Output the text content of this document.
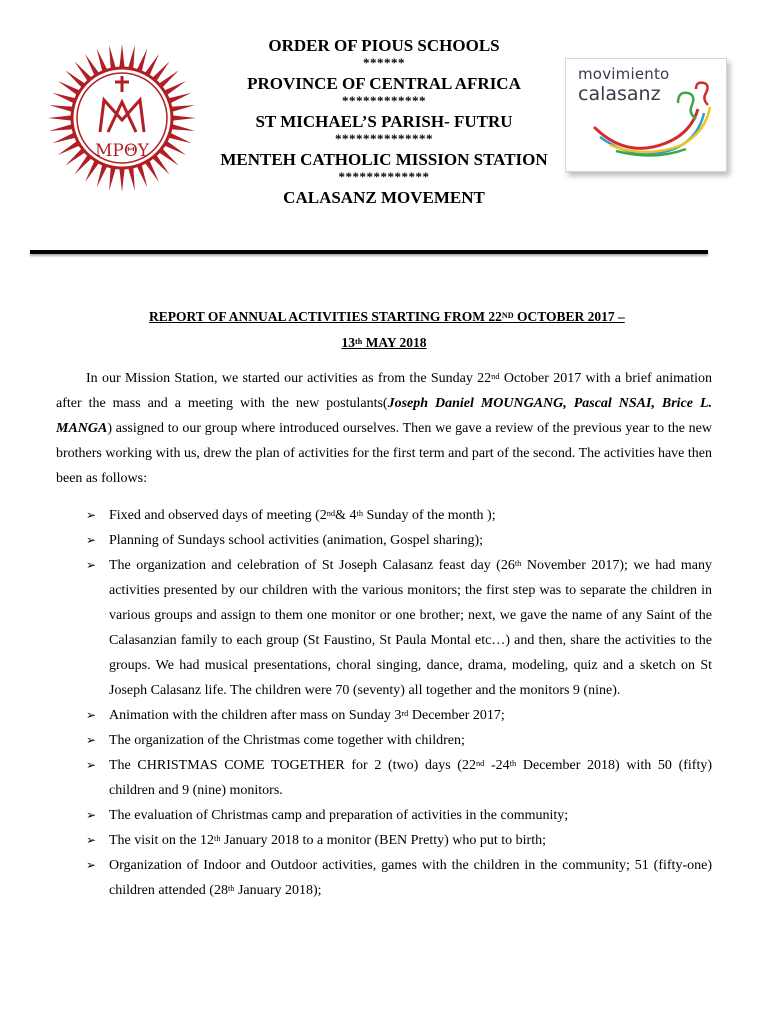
MPΘY
ORDER OF PIOUS SCHOOLS
******
PROVINCE OF CENTRAL AFRICA
************
ST MICHAEL’S PARISH- FUTRU
**************
MENTEH CATHOLIC MISSION STATION
*************
CALASANZ MOVEMENT
movimiento
calasanz
REPORT OF ANNUAL ACTIVITIES STARTING FROM 22ND OCTOBER 2017 –
13th MAY 2018

In our Mission Station, we started our activities as from the Sunday 22nd October 2017 with a brief animation after the mass and a meeting with the new postulants(Joseph Daniel MOUNGANG, Pascal NSAI, Brice L. MANGA) assigned to our group where introduced ourselves. Then we gave a review of the previous year to the new brothers working with us, drew the plan of activities for the first term and part of the second. The activities have then been as follows:

➢ Fixed and observed days of meeting (2nd& 4th Sunday of the month );
➢ Planning of Sundays school activities (animation, Gospel sharing);
➢ The organization and celebration of St Joseph Calasanz feast day (26th November 2017); we had many activities presented by our children with the various monitors; the first step was to separate the children in various groups and assign to them one monitor or one brother; next, we gave the name of any Saint of the Calasanzian family to each group (St Faustino, St Paula Montal etc…) and then, share the activities to the groups. We had musical presentations, choral singing, dance, drama, modeling, quiz and a sketch on St Joseph Calasanz life. The children were 70 (seventy) all together and the monitors 9 (nine).
➢ Animation with the children after mass on Sunday 3rd December 2017;
➢ The organization of the Christmas come together with children;
➢ The CHRISTMAS COME TOGETHER for 2 (two) days (22nd -24th December 2018) with 50 (fifty) children and 9 (nine) monitors.
➢ The evaluation of Christmas camp and preparation of activities in the community;
➢ The visit on the 12th January 2018 to a monitor (BEN Pretty) who put to birth;
➢ Organization of Indoor and Outdoor activities, games with the children in the community; 51 (fifty-one) children attended (28th January 2018);
